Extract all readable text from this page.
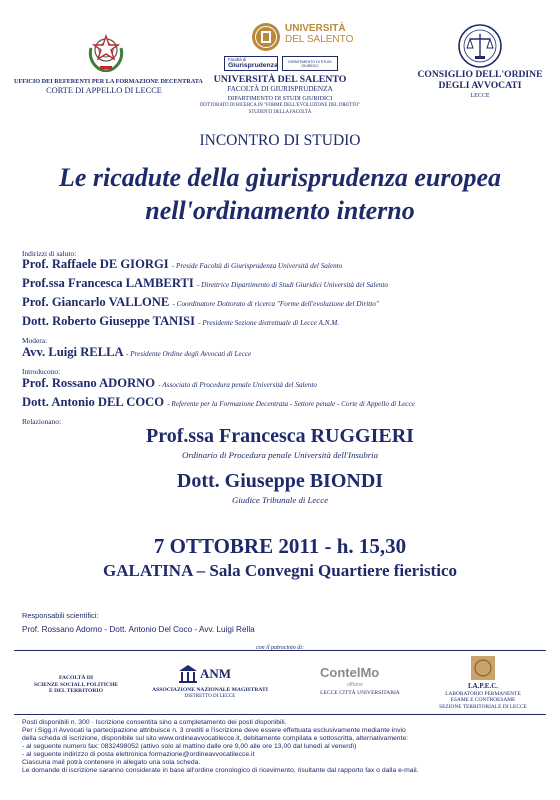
UFFICIO DEI REFERENTI PER LA FORMAZIONE DECENTRATA
CORTE DI APPELLO DI LECCE
UNIVERSITÀ
DEL SALENTO
Facoltà di
Giurisprudenza
DIPARTIMENTO DI STUDI GIURIDICI
UNIVERSITÀ DEL SALENTO
FACOLTÀ DI GIURISPRUDENZA
DIPARTIMENTO DI STUDI GIURIDICI
DOTTORATO DI RICERCA IN "FORME DELL'EVOLUZIONE DEL DIRITTO"
STUDENTI DELLA FACOLTÀ
CONSIGLIO DELL'ORDINE
DEGLI AVVOCATI
LECCE
INCONTRO DI STUDIO
Le ricadute della giurisprudenza europea
nell'ordinamento interno
Indirizzi di saluto:
Prof. Raffaele DE GIORGI - Preside Facoltà di Giurisprudenza Università del Salento
Prof.ssa Francesca LAMBERTI - Direttrice Dipartimento di Studi Giuridici Università del Salento
Prof. Giancarlo VALLONE - Coordinatore Dottorato di ricerca "Forme dell'evoluzione del Diritto"
Dott. Roberto Giuseppe TANISI - Presidente Sezione distrettuale di Lecce A.N.M.
Modera:
Avv. Luigi RELLA - Presidente Ordine degli Avvocati di Lecce
Introducono:
Prof. Rossano ADORNO - Associato di Procedura penale Università del Salento
Dott. Antonio DEL COCO - Referente per la Formazione Decentrata - Settore penale - Corte di Appello di Lecce
Relazionano:
Prof.ssa Francesca RUGGIERI
Ordinario di Procedura penale Università dell'Insubria
Dott. Giuseppe BIONDI
Giudice Tribunale di Lecce
7 OTTOBRE 2011 - h. 15,30
GALATINA – Sala Convegni Quartiere fieristico
Responsabili scientifici:
Prof. Rossano Adorno - Dott. Antonio Del Coco - Avv. Luigi Rella
con il patrocinio di:
FACOLTÀ DI
SCIENZE SOCIALI, POLITICHE
E DEL TERRITORIO
ANM
ASSOCIAZIONE NAZIONALE MAGISTRATI
DISTRETTO DI LECCE
ContelMo
officine
LECCE CITTÀ UNIVERSITARIA
LA.P.E.C.
LABORATORIO PERMANENTE
ESAME E CONTROESAME
SEZIONE TERRITORIALE DI LECCE
Posti disponibili n. 300 · Iscrizione consentita sino a completamento dei posti disponibili.
Per i Sigg.ri Avvocati la partecipazione attribuisce n. 3 crediti e l'iscrizione deve essere effettuata esclusivamente mediante invio
della scheda di iscrizione, disponibile sul sito www.ordineavvocatilecce.it, debitamente compilata e sottoscritta, alternativamente:
- al seguente numero fax: 0832498052 (attivo solo al mattino dalle ore 9,00 alle ore 13,00 dal lunedì al venerdì)
- al seguente indirizzo di posta elettronica formazione@ordineavvocatilecce.it
Ciascuna mail potrà contenere in allegato una sola scheda.
Le domande di iscrizione saranno considerate in base all'ordine cronologico di ricevimento, risultante dal rapporto fax o dalla e-mail.
